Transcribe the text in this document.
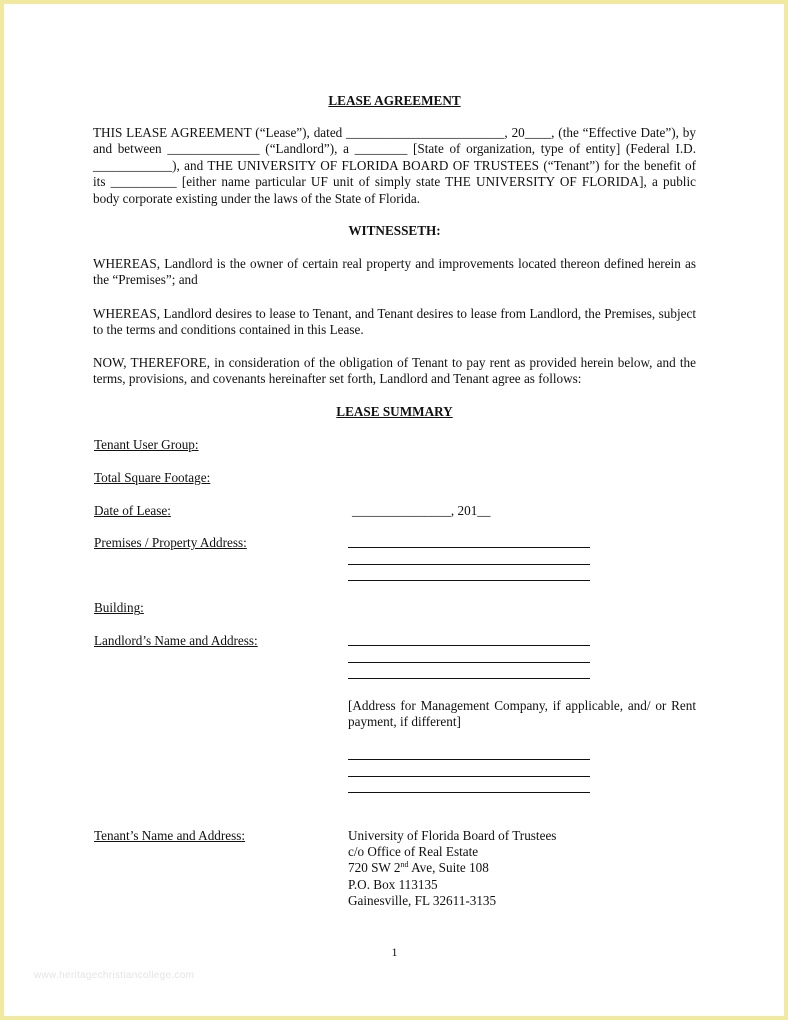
LEASE AGREEMENT
THIS LEASE AGREEMENT (“Lease”), dated ________________________, 20____, (the “Effective Date”), by and between ______________ (“Landlord”), a ________ [State of organization, type of entity] (Federal I.D. ____________), and THE UNIVERSITY OF FLORIDA BOARD OF TRUSTEES (“Tenant”) for the benefit of its __________ [either name particular UF unit of simply state THE UNIVERSITY OF FLORIDA], a public body corporate existing under the laws of the State of Florida.
WITNESSETH:
WHEREAS, Landlord is the owner of certain real property and improvements located thereon defined herein as the “Premises”; and
WHEREAS, Landlord desires to lease to Tenant, and Tenant desires to lease from Landlord, the Premises, subject to the terms and conditions contained in this Lease.
NOW, THEREFORE, in consideration of the obligation of Tenant to pay rent as provided herein below, and the terms, provisions, and covenants hereinafter set forth, Landlord and Tenant agree as follows:
LEASE SUMMARY
Tenant User Group:
Total Square Footage:
Date of Lease:	_______________, 201__
Premises / Property Address:
Building:
Landlord’s Name and Address:
[Address for Management Company, if applicable, and/ or Rent payment, if different]
Tenant’s Name and Address:	University of Florida Board of Trustees
c/o Office of Real Estate
720 SW 2nd Ave, Suite 108
P.O. Box 113135
Gainesville, FL 32611-3135
1
www.heritagechristiancollege.com
